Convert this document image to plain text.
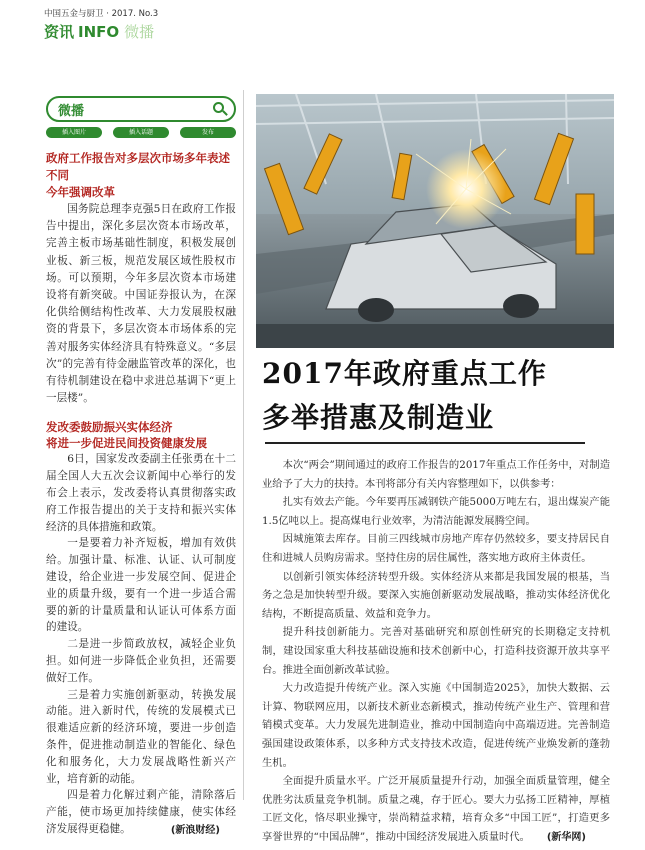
中国五金与厨卫 · 2017. No.3
资讯 INFO 微播
微播
插入图片	插入话题	发布
政府工作报告对多层次市场多年表述不同
今年强调改革

国务院总理李克强5日在政府工作报告中提出，深化多层次资本市场改革，完善主板市场基础性制度，积极发展创业板、新三板，规范发展区域性股权市场。可以预期，今年多层次资本市场建设将有新突破。中国证券报认为，在深化供给侧结构性改革、大力发展股权融资的背景下，多层次资本市场体系的完善对服务实体经济具有特殊意义。“多层次”的完善有待金融监管改革的深化，也有待机制建设在稳中求进总基调下“更上一层楼”。

发改委鼓励振兴实体经济
将进一步促进民间投资健康发展

6日，国家发改委副主任张勇在十二届全国人大五次会议新闻中心举行的发布会上表示，发改委将认真贯彻落实政府工作报告提出的关于支持和振兴实体经济的具体措施和政策。

一是要着力补齐短板，增加有效供给。加强计量、标准、认证、认可制度建设，给企业进一步发展空间、促进企业的质量升级，要有一个进一步适合需要的新的计量质量和认证认可体系方面的建设。

二是进一步简政放权，减轻企业负担。如何进一步降低企业负担，还需要做好工作。

三是着力实施创新驱动，转换发展动能。进入新时代，传统的发展模式已很难适应新的经济环境，要进一步创造条件，促进推动制造业的智能化、绿色化和服务化，大力发展战略性新兴产业，培育新的动能。

四是着力化解过剩产能，清除落后产能，使市场更加持续健康，使实体经济发展得更稳健。	(新浪财经)
2017年政府重点工作
多举措惠及制造业

本次“两会”期间通过的政府工作报告的2017年重点工作任务中，对制造业给予了大力的扶持。本刊将部分有关内容整理如下，以供参考：

扎实有效去产能。今年要再压减钢铁产能5000万吨左右，退出煤炭产能1.5亿吨以上。提高煤电行业效率，为清洁能源发展腾空间。

因城施策去库存。目前三四线城市房地产库存仍然较多，要支持居民自住和进城人员购房需求。坚持住房的居住属性，落实地方政府主体责任。

以创新引领实体经济转型升级。实体经济从来都是我国发展的根基，当务之急是加快转型升级。要深入实施创新驱动发展战略，推动实体经济优化结构，不断提高质量、效益和竞争力。

提升科技创新能力。完善对基础研究和原创性研究的长期稳定支持机制，建设国家重大科技基础设施和技术创新中心，打造科技资源开放共享平台。推进全面创新改革试验。

大力改造提升传统产业。深入实施《中国制造2025》，加快大数据、云计算、物联网应用，以新技术新业态新模式，推动传统产业生产、管理和营销模式变革。大力发展先进制造业，推动中国制造向中高端迈进。完善制造强国建设政策体系，以多种方式支持技术改造，促进传统产业焕发新的蓬勃生机。

全面提升质量水平。广泛开展质量提升行动，加强全面质量管理，健全优胜劣汰质量竞争机制。质量之魂，存于匠心。要大力弘扬工匠精神，厚植工匠文化，恪尽职业操守，崇尚精益求精，培育众多“中国工匠”，打造更多享誉世界的“中国品牌”，推动中国经济发展进入质量时代。	(新华网)
